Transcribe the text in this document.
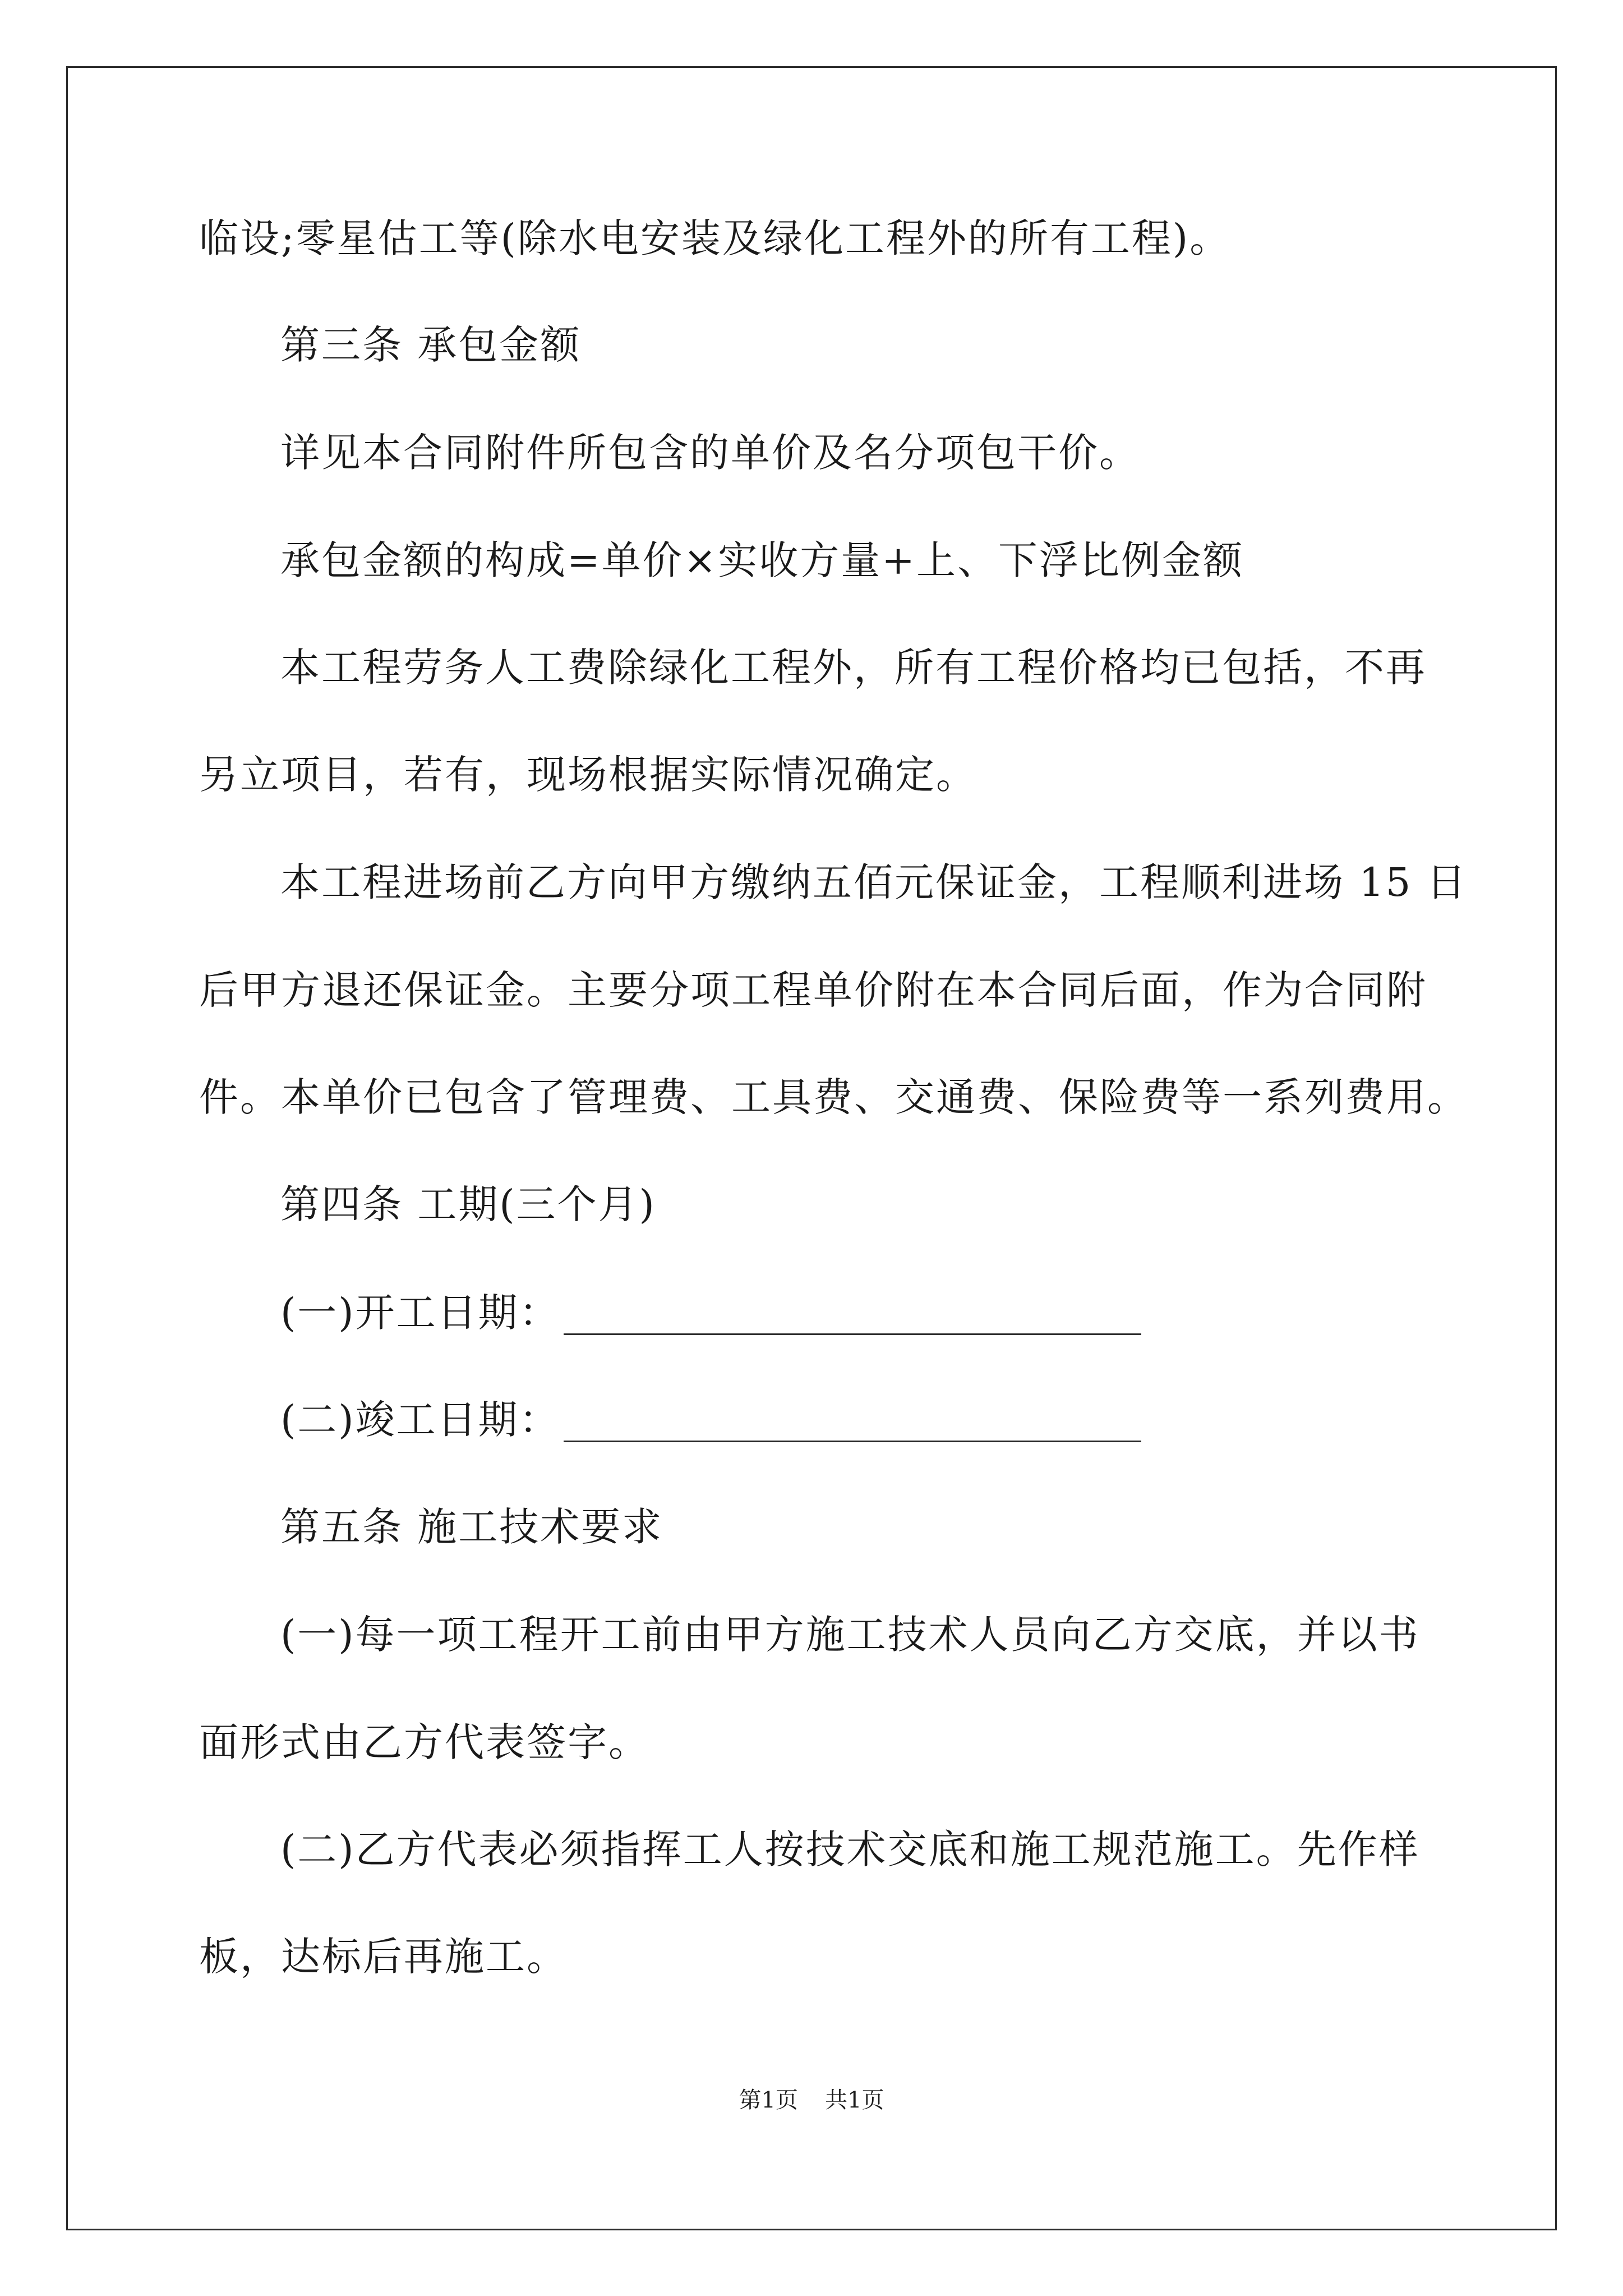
临设;零星估工等(除水电安装及绿化工程外的所有工程)。
第三条 承包金额
详见本合同附件所包含的单价及名分项包干价。
承包金额的构成=单价×实收方量+上、下浮比例金额
本工程劳务人工费除绿化工程外，所有工程价格均已包括，不再
另立项目，若有，现场根据实际情况确定。
本工程进场前乙方向甲方缴纳五佰元保证金，工程顺利进场 15 日
后甲方退还保证金。主要分项工程单价附在本合同后面，作为合同附
件。本单价已包含了管理费、工具费、交通费、保险费等一系列费用。
第四条 工期(三个月)
(一)开工日期：
(二)竣工日期：
第五条 施工技术要求
(一)每一项工程开工前由甲方施工技术人员向乙方交底，并以书
面形式由乙方代表签字。
(二)乙方代表必须指挥工人按技术交底和施工规范施工。先作样
板，达标后再施工。
第1页 共1页
